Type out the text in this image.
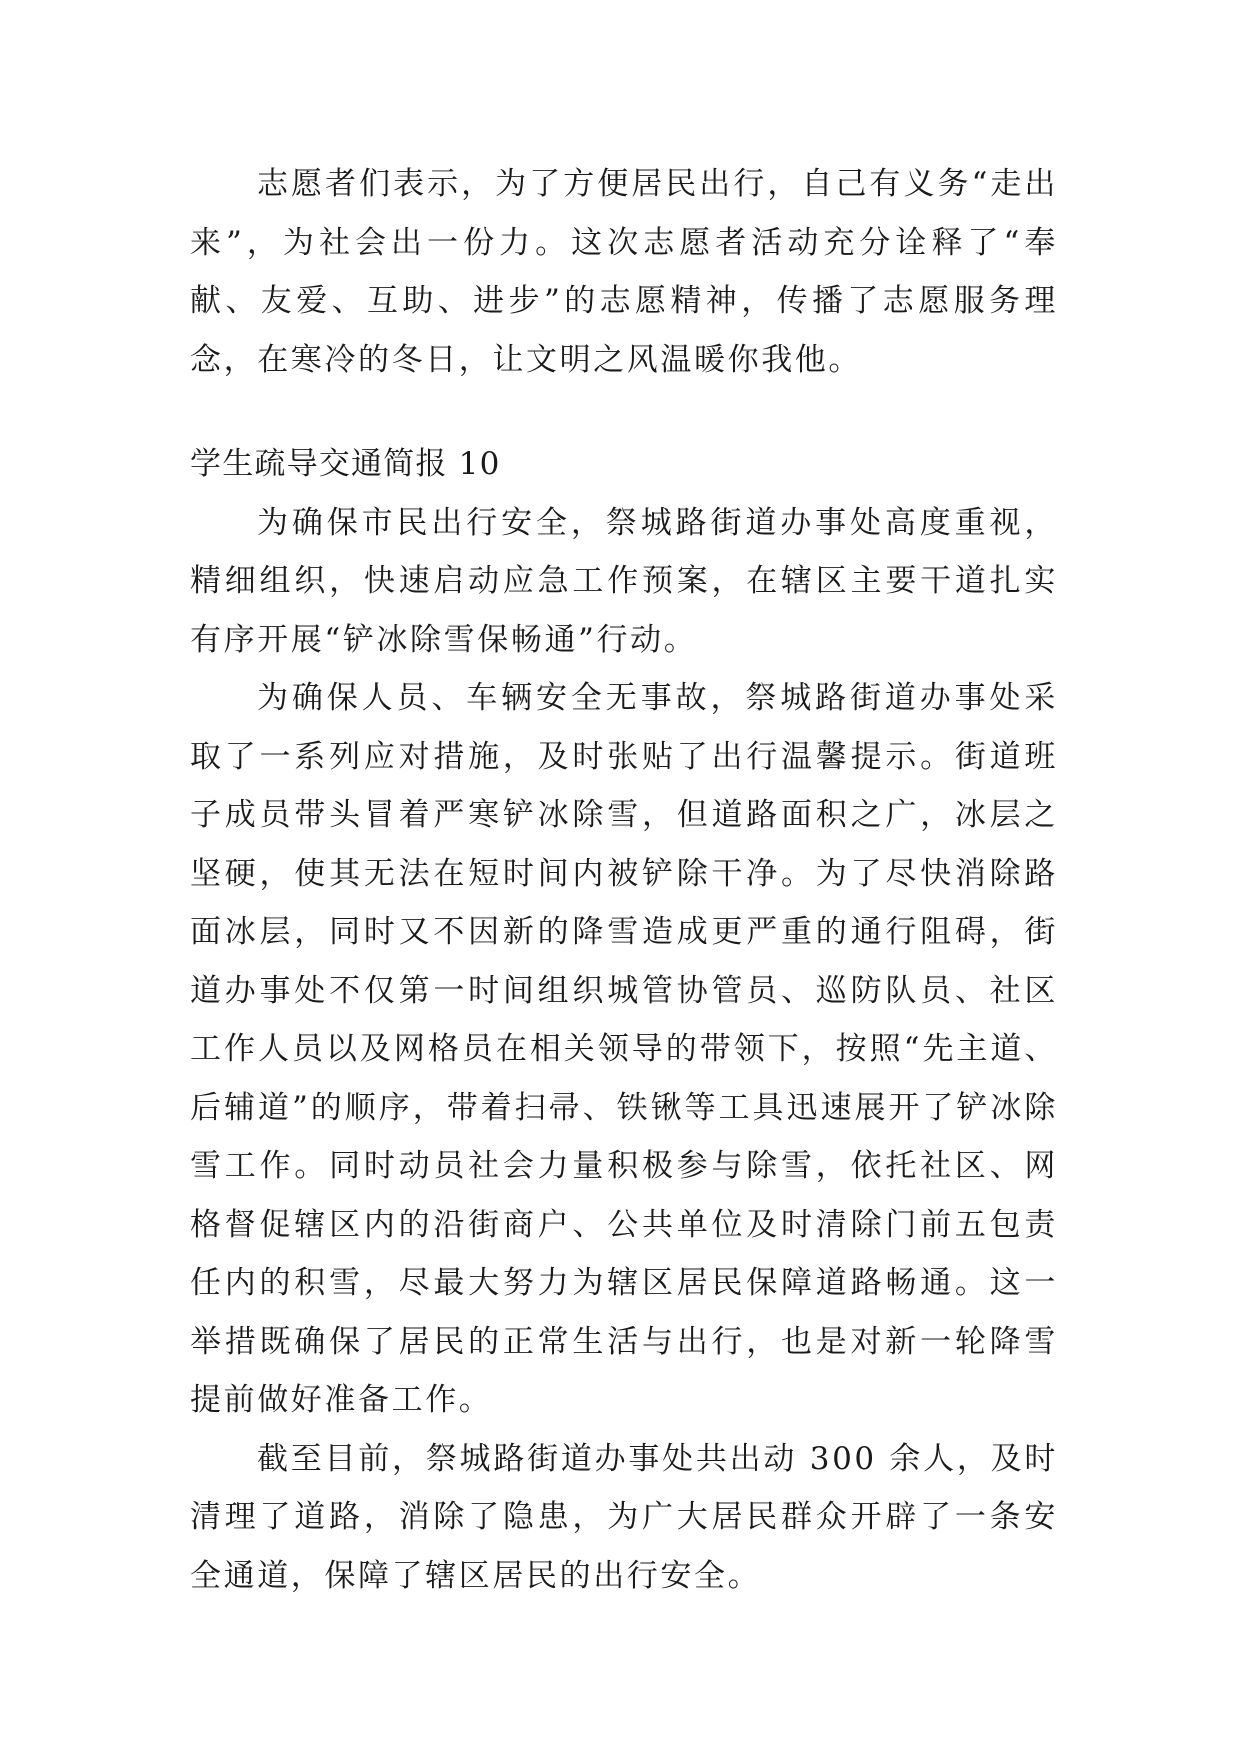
志愿者们表示，为了方便居民出行，自己有义务“走出来”，为社会出一份力。这次志愿者活动充分诠释了“奉献、友爱、互助、进步”的志愿精神，传播了志愿服务理念，在寒冷的冬日，让文明之风温暖你我他。

学生疏导交通简报 10

为确保市民出行安全，祭城路街道办事处高度重视，精细组织，快速启动应急工作预案，在辖区主要干道扎实有序开展“铲冰除雪保畅通”行动。

为确保人员、车辆安全无事故，祭城路街道办事处采取了一系列应对措施，及时张贴了出行温馨提示。街道班子成员带头冒着严寒铲冰除雪，但道路面积之广，冰层之坚硬，使其无法在短时间内被铲除干净。为了尽快消除路面冰层，同时又不因新的降雪造成更严重的通行阻碍，街道办事处不仅第一时间组织城管协管员、巡防队员、社区工作人员以及网格员在相关领导的带领下，按照“先主道、后辅道”的顺序，带着扫帚、铁锹等工具迅速展开了铲冰除雪工作。同时动员社会力量积极参与除雪，依托社区、网格督促辖区内的沿街商户、公共单位及时清除门前五包责任内的积雪，尽最大努力为辖区居民保障道路畅通。这一举措既确保了居民的正常生活与出行，也是对新一轮降雪提前做好准备工作。

截至目前，祭城路街道办事处共出动 300 余人，及时清理了道路，消除了隐患，为广大居民群众开辟了一条安全通道，保障了辖区居民的出行安全。
